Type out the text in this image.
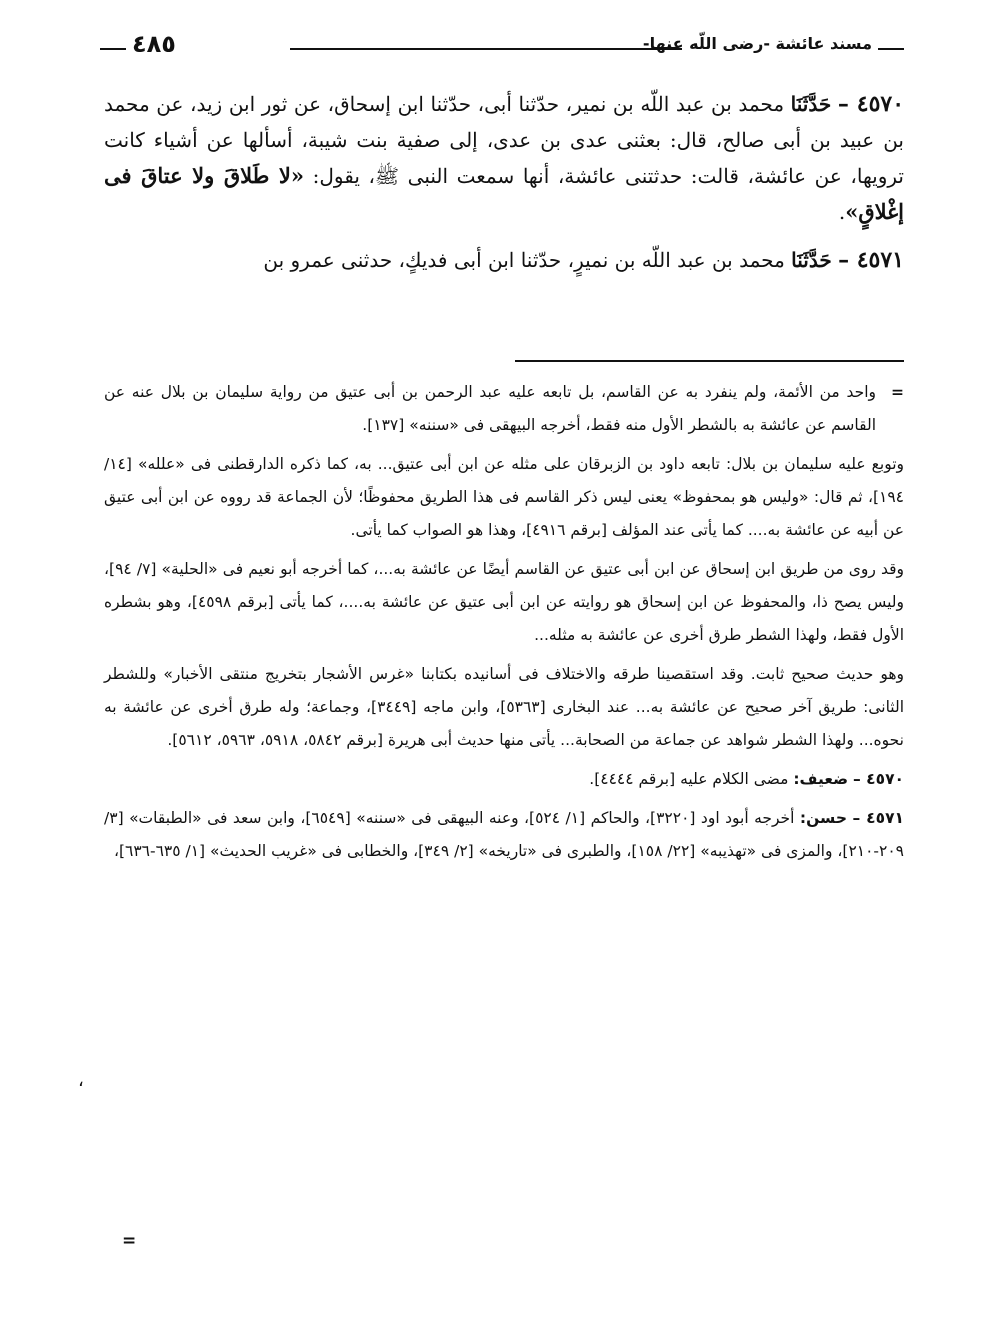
مسند عائشة -رضى اللّه عنها-
٤٨٥

٤٥٧٠ – حَدَّثَنَا محمد بن عبد اللّه بن نمير، حدّثنا أبى، حدّثنا ابن إسحاق، عن ثور ابن زيد، عن محمد بن عبيد بن أبى صالح، قال: بعثنى عدى بن عدى، إلى صفية بنت شيبة، أسألها عن أشياء كانت ترويها، عن عائشة، قالت: حدثتنى عائشة، أنها سمعت النبى ﷺ، يقول: «لا طَلاقَ ولا عتاقَ فى إغْلاقٍ».

٤٥٧١ – حَدَّثَنَا محمد بن عبد اللّه بن نميرٍ، حدّثنا ابن أبى فديكٍ، حدثنى عمرو بن

=
واحد من الأئمة، ولم ينفرد به عن القاسم، بل تابعه عليه عبد الرحمن بن أبى عتيق من رواية سليمان بن بلال عنه عن القاسم عن عائشة به بالشطر الأول منه فقط، أخرجه البيهقى فى «سننه» [١٣٧].

وتوبع عليه سليمان بن بلال: تابعه داود بن الزبرقان على مثله عن ابن أبى عتيق... به، كما ذكره الدارقطنى فى «علله» [١٤/ ١٩٤]، ثم قال: «وليس هو بمحفوظ» يعنى ليس ذكر القاسم فى هذا الطريق محفوظًا؛ لأن الجماعة قد رووه عن ابن أبى عتيق عن أبيه عن عائشة به.... كما يأتى عند المؤلف [برقم ٤٩١٦]، وهذا هو الصواب كما يأتى.

وقد روى من طريق ابن إسحاق عن ابن أبى عتيق عن القاسم أيضًا عن عائشة به...، كما أخرجه أبو نعيم فى «الحلية» [٧/ ٩٤]، وليس يصح ذا، والمحفوظ عن ابن إسحاق هو روايته عن ابن أبى عتيق عن عائشة به....، كما يأتى [برقم ٤٥٩٨]، وهو بشطره الأول فقط، ولهذا الشطر طرق أخرى عن عائشة به مثله...

وهو حديث صحيح ثابت. وقد استقصينا طرقه والاختلاف فى أسانيده بكتابنا «غرس الأشجار بتخريج منتقى الأخبار» وللشطر الثانى: طريق آخر صحيح عن عائشة به... عند البخارى [٥٣٦٣]، وابن ماجه [٣٤٤٩]، وجماعة؛ وله طرق أخرى عن عائشة به نحوه... ولهذا الشطر شواهد عن جماعة من الصحابة... يأتى منها حديث أبى هريرة [برقم ٥٨٤٢، ٥٩١٨، ٥٩٦٣، ٥٦١٢].

٤٥٧٠ – ضعيف: مضى الكلام عليه [برقم ٤٤٤٤].

٤٥٧١ – حسن: أخرجه أبود اود [٣٢٢٠]، والحاكم [١/ ٥٢٤]، وعنه البيهقى فى «سننه» [٦٥٤٩]، وابن سعد فى «الطبقات» [٣/ ٢٠٩-٢١٠]، والمزى فى «تهذيبه» [٢٢/ ١٥٨]، والطبرى فى «تاريخه» [٢/ ٣٤٩]، والخطابى فى «غريب الحديث» [١/ ٦٣٥-٦٣٦]،

=
،
